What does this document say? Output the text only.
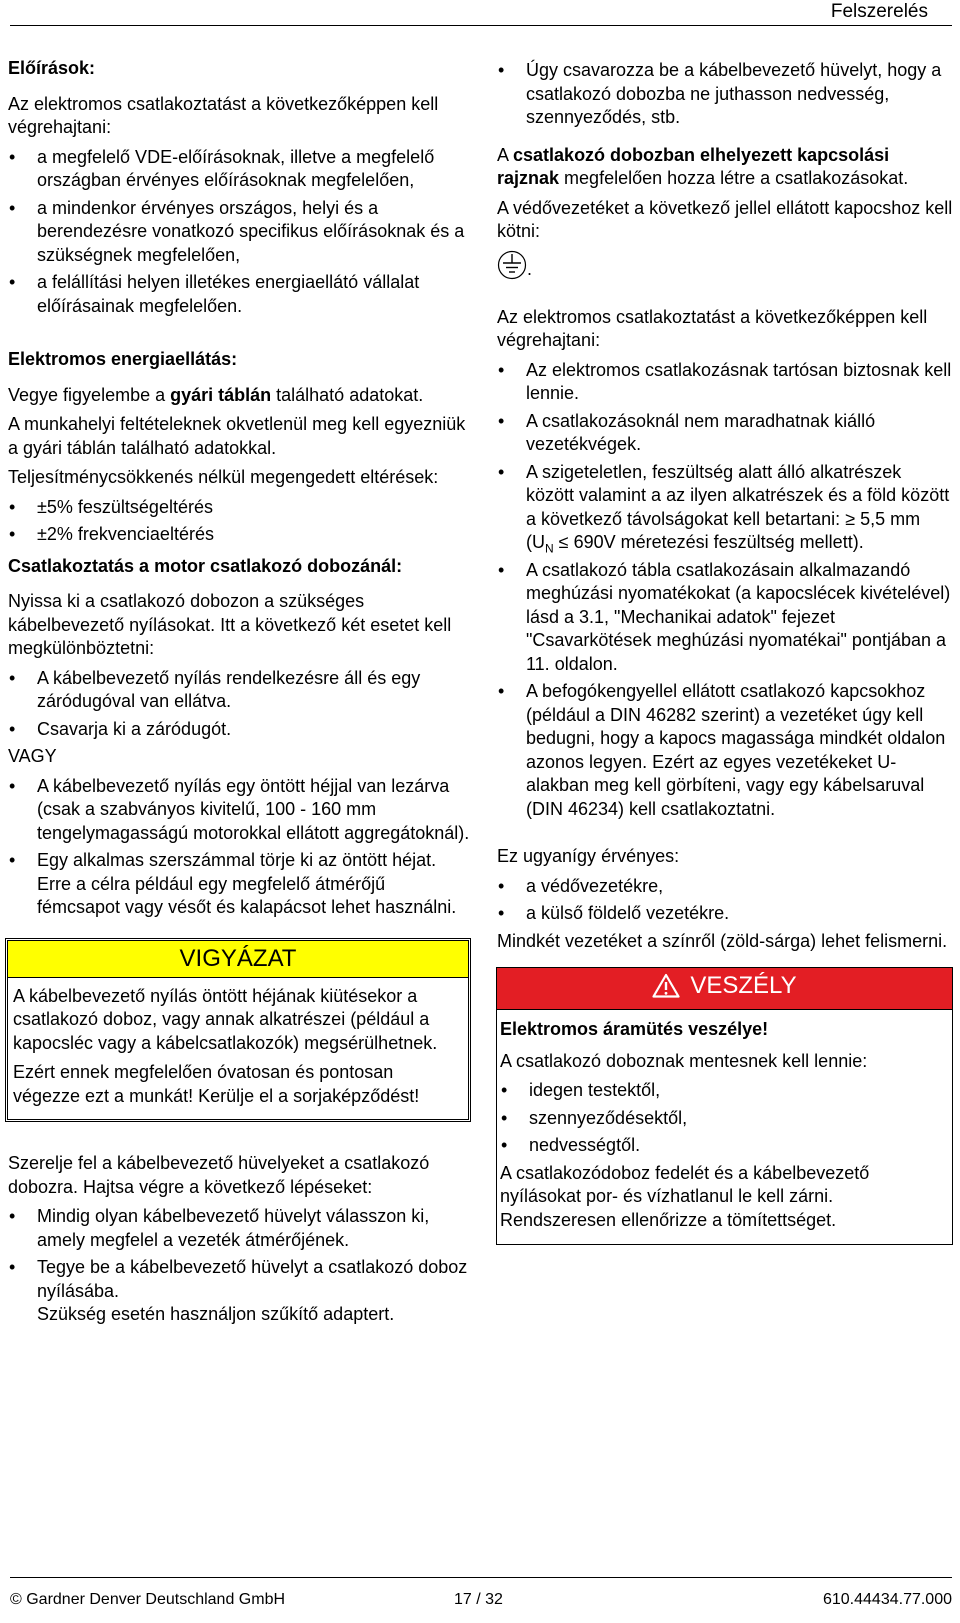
Felszerelés
Előírások:

Az elektromos csatlakoztatást a következőképpen kell végrehajtani:

• a megfelelő VDE-előírásoknak, illetve a megfelelő országban érvényes előírásoknak megfelelően,
• a mindenkor érvényes országos, helyi és a berendezésre vonatkozó specifikus előírásoknak és a szükségnek megfelelően,
• a felállítási helyen illetékes energiaellátó vállalat előírásainak megfelelően.
Elektromos energiaellátás:

Vegye figyelembe a gyári táblán található adatokat.

A munkahelyi feltételeknek okvetlenül meg kell egyezniük a gyári táblán található adatokkal.

Teljesítménycsökkenés nélkül megengedett eltérések:

• ±5% feszültségeltérés
• ±2% frekvenciaeltérés
Csatlakoztatás a motor csatlakozó dobozánál:

Nyissa ki a csatlakozó dobozon a szükséges kábelbevezető nyílásokat. Itt a következő két esetet kell megkülönböztetni:

• A kábelbevezető nyílás rendelkezésre áll és egy záródugóval van ellátva.
• Csavarja ki a záródugót.

VAGY

• A kábelbevezető nyílás egy öntött héjjal van lezárva (csak a szabványos kivitelű, 100 - 160 mm tengelymagasságú motorokkal ellátott aggregátoknál).
• Egy alkalmas szerszámmal törje ki az öntött héjat. Erre a célra például egy megfelelő átmérőjű fémcsapot vagy vésőt és kalapácsot lehet használni.
VIGYÁZAT

A kábelbevezető nyílás öntött héjának kiütésekor a csatlakozó doboz, vagy annak alkatrészei (például a kapocsléc vagy a kábelcsatlakozók) megsérülhetnek.

Ezért ennek megfelelően óvatosan és pontosan végezze ezt a munkát! Kerülje el a sorjaképződést!

Szerelje fel a kábelbevezető hüvelyeket a csatlakozó dobozra. Hajtsa végre a következő lépéseket:

• Mindig olyan kábelbevezető hüvelyt válasszon ki, amely megfelel a vezeték átmérőjének.
• Tegye be a kábelbevezető hüvelyt a csatlakozó doboz nyílásába.
Szükség esetén használjon szűkítő adaptert.
• Úgy csavarozza be a kábelbevezető hüvelyt, hogy a csatlakozó dobozba ne juthasson nedvesség, szennyeződés, stb.

A csatlakozó dobozban elhelyezett kapcsolási rajznak megfelelően hozza létre a csatlakozásokat.

A védővezetéket a következő jellel ellátott kapocshoz kell kötni:

.

Az elektromos csatlakoztatást a következőképpen kell végrehajtani:

• Az elektromos csatlakozásnak tartósan biztosnak kell lennie.
• A csatlakozásoknál nem maradhatnak kiálló vezetékvégek.
• A szigeteletlen, feszültség alatt álló alkatrészek között valamint a az ilyen alkatrészek és a föld között a következő távolságokat kell betartani: ≥ 5,5 mm
($U_N \le 690V$ méretezési feszültség mellett).
• A csatlakozó tábla csatlakozásain alkalmazandó meghúzási nyomatékokat (a kapocslécek kivételével) lásd a 3.1, "Mechanikai adatok" fejezet "Csavarkötések meghúzási nyomatékai" pontjában a 11. oldalon.
• A befogókengyellel ellátott csatlakozó kapcsokhoz (például a DIN 46282 szerint) a vezetéket úgy kell bedugni, hogy a kapocs magassága mindkét oldalon azonos legyen. Ezért az egyes vezetékeket U-alakban meg kell görbíteni, vagy egy kábelsaruval (DIN 46234) kell csatlakoztatni.

Ez ugyanígy érvényes:

• a védővezetékre,
• a külső földelő vezetékre.

Mindkét vezetéket a színről (zöld-sárga) lehet felismerni.

VESZÉLY

Elektromos áramütés veszélye!

A csatlakozó doboznak mentesnek kell lennie:

• idegen testektől,
• szennyeződésektől,
• nedvességtől.

A csatlakozódoboz fedelét és a kábelbevezető nyílásokat por- és vízhatlanul le kell zárni. Rendszeresen ellenőrizze a tömítettséget.

© Gardner Denver Deutschland GmbH	17 / 32	610.44434.77.000
